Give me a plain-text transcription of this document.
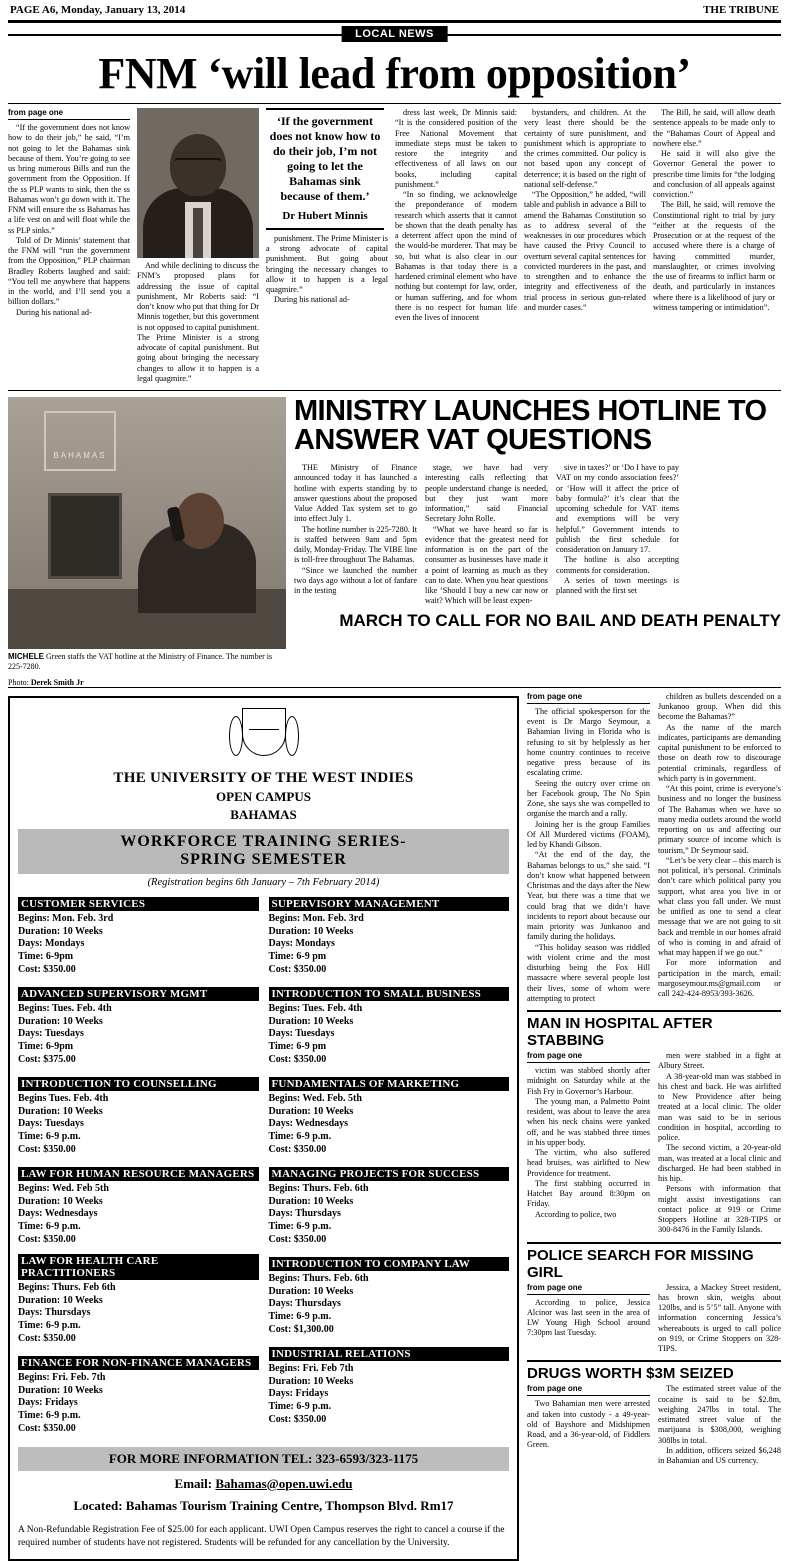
PAGE A6, Monday, January 13, 2014	THE TRIBUNE
LOCAL NEWS
FNM ‘will lead from opposition’
from page one

“If the government does not know how to do their job,” he said, “I’m not going to let the Bahamas sink because of them. You’re going to see us bring numerous Bills and run the government from the Opposition. If the ss PLP wants to sink, then the ss Bahamas won’t go down with it. The FNM will ensure the ss Bahamas has a life vest on and will float while the ss PLP sinks.”

Told of Dr Minnis’ statement that the FNM will “run the government from the Opposition,” PLP chairman Bradley Roberts laughed and said: “You tell me anywhere that happens in the world, and I’ll send you a billion dollars.”

During his national ad-

And while declining to discuss the FNM’s proposed plans for addressing the issue of capital punishment, Mr Roberts said: “I don’t know who put that thing for Dr Minnis together, but this government is not opposed to capital punishment. The Prime Minister is a strong advocate of capital punishment. But going about bringing the necessary changes to allow it to happen is a legal quagmire.”

‘If the government does not know how to do their job, I’m not going to let the Bahamas sink because of them.’
Dr Hubert Minnis

punishment. The Prime Minister is a strong advocate of capital punishment. But going about bringing the necessary changes to allow it to happen is a legal quagmire.”

During his national ad-

dress last week, Dr Minnis said: “It is the considered position of the Free National Movement that immediate steps must be taken to restore the integrity and effectiveness of all laws on our books, including capital punishment.”

“In so finding, we acknowledge the preponderance of modern research which asserts that it cannot be shown that the death penalty has a deterrent affect upon the mind of the would-be murderer. That may be so, but what is also clear in our Bahamas is that today there is a hardened criminal element who have nothing but contempt for law, order, or human suffering, and for whom there is no respect for human life even the lives of innocent

bystanders, and children. At the very least there should be the certainty of sure punishment, and punishment which is appropriate to the crimes committed. Our policy is not based upon any concept of deterrence; it is based on the right of national self-defense.”

“The Opposition,” he added, “will table and publish in advance a Bill to amend the Bahamas Constitution so as to address several of the weaknesses in our procedures which have caused the Privy Council to overturn several capital sentences for convicted murderers in the past, and to strengthen and to enhance the integrity and effectiveness of the trial process in serious gun-related and murder cases.”

The Bill, he said, will allow death sentence appeals to be made only to the “Bahamas Court of Appeal and nowhere else.”

He said it will also give the Governor General the power to prescribe time limits for “the lodging and conclusion of all appeals against conviction.”

The Bill, he said, will remove the Constitutional right to trial by jury “either at the requests of the Prosecution or at the request of the accused where there is a charge of having committed murder, manslaughter, or crimes involving the use of firearms to inflict harm or death, and particularly in instances where there is a likelihood of jury or witness tampering or intimidation”.

BAHAMAS
MICHELE Green staffs the VAT hotline at the Ministry of Finance. The number is 225-7280.
Photo: Derek Smith Jr
MINISTRY LAUNCHES HOTLINE TO ANSWER VAT QUESTIONS

THE Ministry of Finance announced today it has launched a hotline with experts standing by to answer questions about the proposed Value Added Tax system set to go into effect July 1.

The hotline number is 225-7280. It is staffed between 9am and 5pm daily, Monday-Friday. The VIBE line is toll-free throughout The Bahamas.

“Since we launched the number two days ago without a lot of fanfare in the testing

stage, we have had very interesting calls reflecting that people understand change is needed, but they just want more information,” said Financial Secretary John Rolle.

“What we have heard so far is evidence that the greatest need for information is on the part of the consumer as businesses have made it a point of learning as much as they can to date. When you hear questions like ‘Should I buy a new car now or wait? Which will be least expen-

sive in taxes?’ or ‘Do I have to pay VAT on my condo association fees?’ or ‘How will it affect the price of baby formula?’ it’s clear that the upcoming schedule for VAT items and exemptions will be very helpful.” Government intends to publish the first schedule for consideration on January 17.

The hotline is also accepting comments for consideration.

A series of town meetings is planned with the first set

MARCH TO CALL FOR NO BAIL AND DEATH PENALTY
THE UNIVERSITY OF THE WEST INDIES
OPEN CAMPUS
BAHAMAS
WORKFORCE TRAINING SERIES-
SPRING SEMESTER
(Registration begins 6th January – 7th February 2014)
CUSTOMER SERVICES
Begins: Mon. Feb. 3rd
Duration: 10 Weeks
Days: Mondays
Time: 6-9pm
Cost: $350.00
ADVANCED SUPERVISORY MGMT
Begins: Tues. Feb. 4th
Duration: 10 Weeks
Days: Tuesdays
Time: 6-9pm
Cost: $375.00
INTRODUCTION TO COUNSELLING
Begins Tues. Feb. 4th
Duration: 10 Weeks
Days: Tuesdays
Time: 6-9 p.m.
Cost: $350.00
LAW FOR HUMAN RESOURCE MANAGERS
Begins: Wed. Feb 5th
Duration: 10 Weeks
Days: Wednesdays
Time: 6-9 p.m.
Cost: $350.00
LAW FOR HEALTH CARE PRACTITIONERS
Begins: Thurs. Feb 6th
Duration: 10 Weeks
Days: Thursdays
Time: 6-9 p.m.
Cost: $350.00
FINANCE FOR NON-FINANCE MANAGERS
Begins: Fri. Feb. 7th
Duration: 10 Weeks
Days: Fridays
Time: 6-9 p.m.
Cost: $350.00
SUPERVISORY MANAGEMENT
Begins: Mon. Feb. 3rd
Duration: 10 Weeks
Days: Mondays
Time: 6-9 pm
Cost: $350.00
INTRODUCTION TO SMALL BUSINESS
Begins: Tues. Feb. 4th
Duration: 10 Weeks
Days: Tuesdays
Time: 6-9 pm
Cost: $350.00
FUNDAMENTALS OF MARKETING
Begins: Wed. Feb. 5th
Duration: 10 Weeks
Days: Wednesdays
Time: 6-9 p.m.
Cost: $350.00
MANAGING PROJECTS FOR SUCCESS
Begins: Thurs. Feb. 6th
Duration: 10 Weeks
Days: Thursdays
Time: 6-9 p.m.
Cost: $350.00
INTRODUCTION TO COMPANY LAW
Begins: Thurs. Feb. 6th
Duration: 10 Weeks
Days: Thursdays
Time: 6-9 p.m.
Cost: $1,300.00
INDUSTRIAL RELATIONS
Begins: Fri. Feb 7th
Duration: 10 Weeks
Days: Fridays
Time: 6-9 p.m.
Cost: $350.00
FOR MORE INFORMATION TEL: 323-6593/323-1175
Email: Bahamas@open.uwi.edu
Located: Bahamas Tourism Training Centre, Thompson Blvd. Rm17
A Non-Refundable Registration Fee of $25.00 for each applicant. UWI Open Campus reserves the right to cancel a course if the required number of students have not registered. Students will be refunded for any cancellation by the University.
from page one

The official spokesperson for the event is Dr Margo Seymour, a Bahamian living in Florida who is refusing to sit by helplessly as her home country continues to receive negative press because of its escalating crime.

Seeing the outcry over crime on her Facebook group, The No Spin Zone, she says she was compelled to organise the march and a rally.

Joining her is the group Families Of All Murdered victims (FOAM), led by Khandi Gibson.

“At the end of the day, the Bahamas belongs to us,” she said. “I don’t know what happened between Christmas and the days after the New Year, but there was a time that we could brag that we didn’t have incidents to report about because our main priority was Junkanoo and family during the holidays.

“This holiday season was riddled with violent crime and the most disturbing being the Fox Hill massacre where several people lost their lives, some of whom were attempting to protect

children as bullets descended on a Junkanoo group. When did this become the Bahamas?”

As the name of the march indicates, participants are demanding capital punishment to be enforced to those on death row to discourage potential criminals, regardless of which party is in government.

“At this point, crime is everyone’s business and no longer the business of The Bahamas when we have so many media outlets around the world reporting on us and affecting our primary source of income which is tourism,” Dr Seymour said.

“Let’s be very clear – this march is not political, it’s personal. Criminals don’t care which political party you support, what area you live in or what class you fall under. We must be unified as one to send a clear message that we are not going to sit back and tremble in our homes afraid of who is coming in and afraid of what may happen if we go out.”

For more information and participation in the march, email: margoseymour.ms@gmail.com or call 242-424-8953/393-3626.

MAN IN HOSPITAL AFTER STABBING
from page one

victim was stabbed shortly after midnight on Saturday while at the Fish Fry in Governor’s Harbour.

The young man, a Palmetto Point resident, was about to leave the area when his neck chains were yanked off, and he was stabbed three times in his upper body.

The victim, who also suffered head bruises, was airlifted to New Providence for treatment.

The first stabbing occurred in Hatchet Bay around 8:30pm on Friday.

According to police, two

men were stabbed in a fight at Albury Street.

A 38-year-old man was stabbed in his chest and back. He was airlifted to New Providence after being treated at a local clinic. The older man was said to be in serious condition in hospital, according to police.

The second victim, a 20-year-old man, was treated at a local clinic and discharged. He had been stabbed in his hip.

Persons with information that might assist investigations can contact police at 919 or Crime Stoppers Hotline at 328-TIPS or 300-8476 in the Family Islands.

POLICE SEARCH FOR MISSING GIRL
from page one

According to police, Jessica Alcinor was last seen in the area of LW Young High School around 7:30pm last Tuesday.

Jessica, a Mackey Street resident, has brown skin, weighs about 120lbs, and is 5’5” tall. Anyone with information concerning Jessica’s whereabouts is urged to call police on 919, or Crime Stoppers on 328-TIPS.

DRUGS WORTH $3M SEIZED
from page one

Two Bahamian men were arrested and taken into custody - a 49-year-old of Bayshore and Midshipmen Road, and a 36-year-old, of Fiddlers Green.

The estimated street value of the cocaine is said to be $2.8m, weighing 247lbs in total. The estimated street value of the marijuana is $308,000, weighing 308lbs in total.

In addition, officers seized $6,248 in Bahamian and US currency.
